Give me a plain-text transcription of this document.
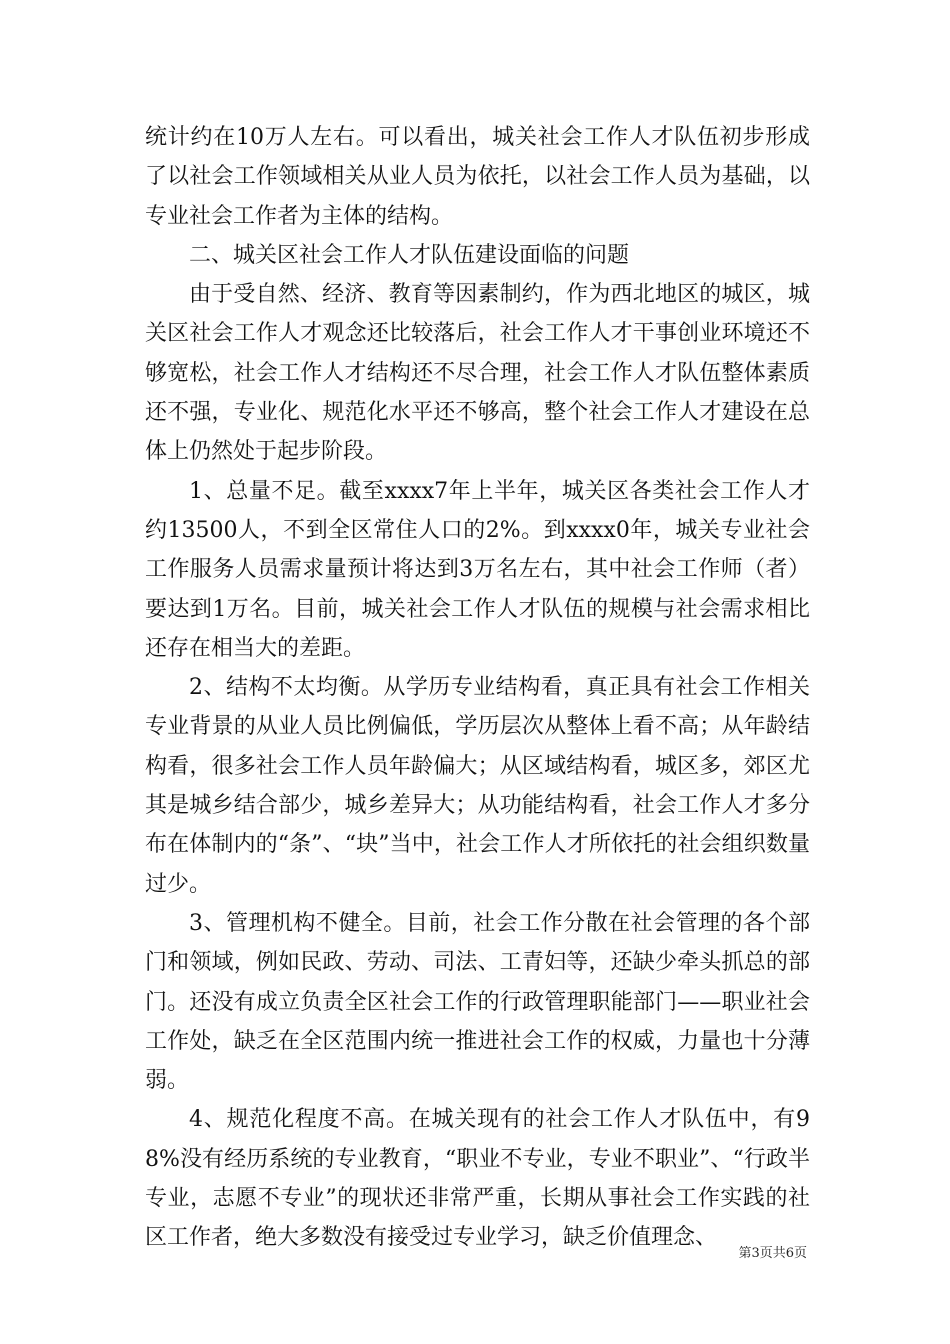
统计约在10万人左右。可以看出，城关社会工作人才队伍初步形成了以社会工作领域相关从业人员为依托，以社会工作人员为基础，以专业社会工作者为主体的结构。

二、城关区社会工作人才队伍建设面临的问题

由于受自然、经济、教育等因素制约，作为西北地区的城区，城关区社会工作人才观念还比较落后，社会工作人才干事创业环境还不够宽松，社会工作人才结构还不尽合理，社会工作人才队伍整体素质还不强，专业化、规范化水平还不够高，整个社会工作人才建设在总体上仍然处于起步阶段。

1、总量不足。截至xxxx7年上半年，城关区各类社会工作人才约13500人，不到全区常住人口的2%。到xxxx0年，城关专业社会工作服务人员需求量预计将达到3万名左右，其中社会工作师（者）要达到1万名。目前，城关社会工作人才队伍的规模与社会需求相比还存在相当大的差距。

2、结构不太均衡。从学历专业结构看，真正具有社会工作相关专业背景的从业人员比例偏低，学历层次从整体上看不高；从年龄结构看，很多社会工作人员年龄偏大；从区域结构看，城区多，郊区尤其是城乡结合部少，城乡差异大；从功能结构看，社会工作人才多分布在体制内的“条”、“块”当中，社会工作人才所依托的社会组织数量过少。

3、管理机构不健全。目前，社会工作分散在社会管理的各个部门和领域，例如民政、劳动、司法、工青妇等，还缺少牵头抓总的部门。还没有成立负责全区社会工作的行政管理职能部门——职业社会工作处，缺乏在全区范围内统一推进社会工作的权威，力量也十分薄弱。

4、规范化程度不高。在城关现有的社会工作人才队伍中，有98%没有经历系统的专业教育，“职业不专业，专业不职业”、“行政半专业，志愿不专业”的现状还非常严重，长期从事社会工作实践的社区工作者，绝大多数没有接受过专业学习，缺乏价值理念、

第3页共6页
